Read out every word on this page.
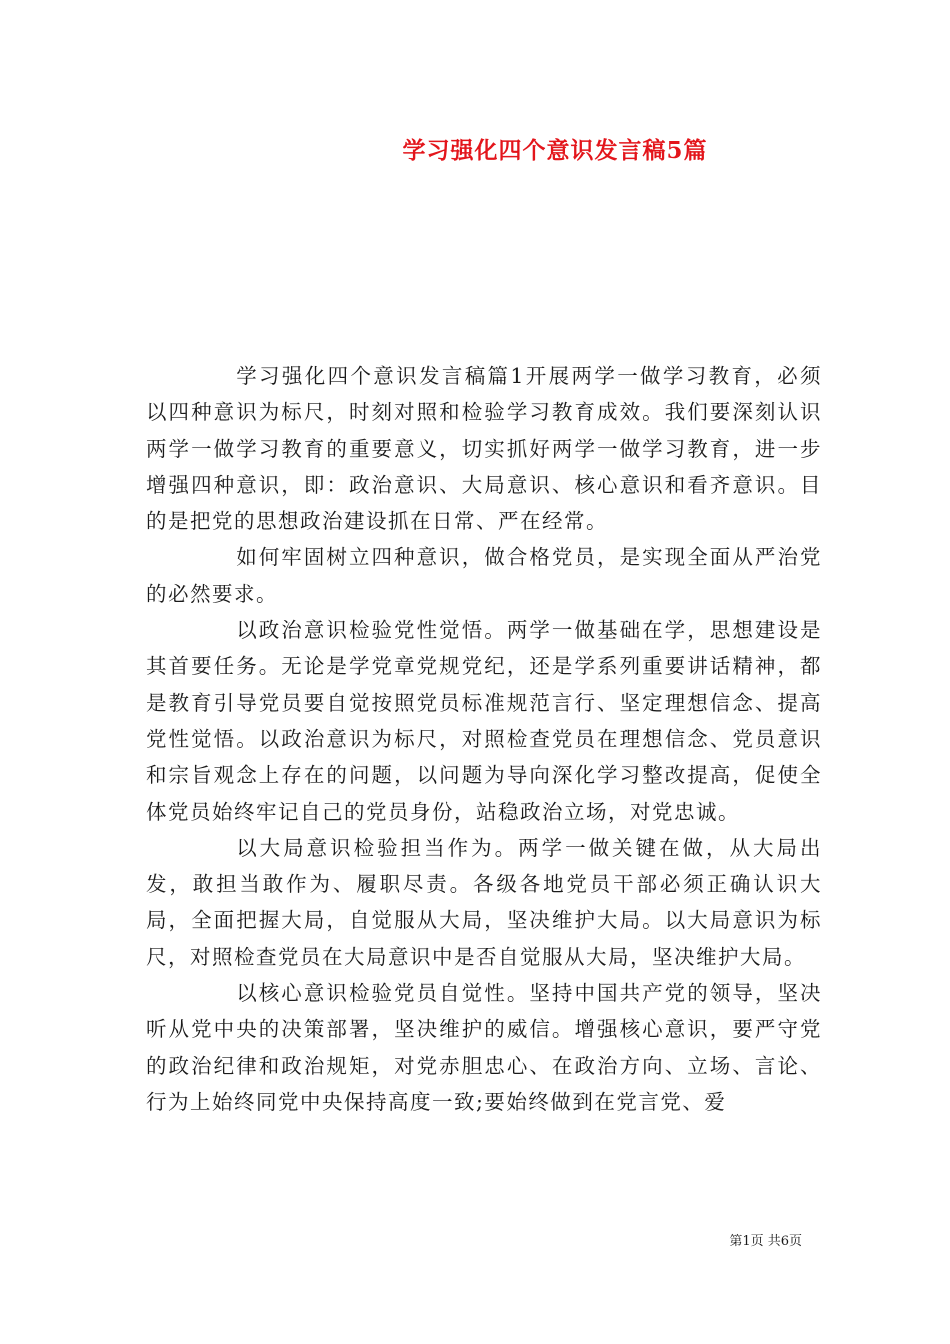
学习强化四个意识发言稿5篇

学习强化四个意识发言稿篇1开展两学一做学习教育，必须以四种意识为标尺，时刻对照和检验学习教育成效。我们要深刻认识两学一做学习教育的重要意义，切实抓好两学一做学习教育，进一步增强四种意识，即：政治意识、大局意识、核心意识和看齐意识。目的是把党的思想政治建设抓在日常、严在经常。

如何牢固树立四种意识，做合格党员，是实现全面从严治党的必然要求。

以政治意识检验党性觉悟。两学一做基础在学，思想建设是其首要任务。无论是学党章党规党纪，还是学系列重要讲话精神，都是教育引导党员要自觉按照党员标准规范言行、坚定理想信念、提高党性觉悟。以政治意识为标尺，对照检查党员在理想信念、党员意识和宗旨观念上存在的问题，以问题为导向深化学习整改提高，促使全体党员始终牢记自己的党员身份，站稳政治立场，对党忠诚。

以大局意识检验担当作为。两学一做关键在做，从大局出发，敢担当敢作为、履职尽责。各级各地党员干部必须正确认识大局，全面把握大局，自觉服从大局，坚决维护大局。以大局意识为标尺，对照检查党员在大局意识中是否自觉服从大局，坚决维护大局。

以核心意识检验党员自觉性。坚持中国共产党的领导，坚决听从党中央的决策部署，坚决维护的威信。增强核心意识，要严守党的政治纪律和政治规矩，对党赤胆忠心、在政治方向、立场、言论、行为上始终同党中央保持高度一致;要始终做到在党言党、爱

第1页 共6页
